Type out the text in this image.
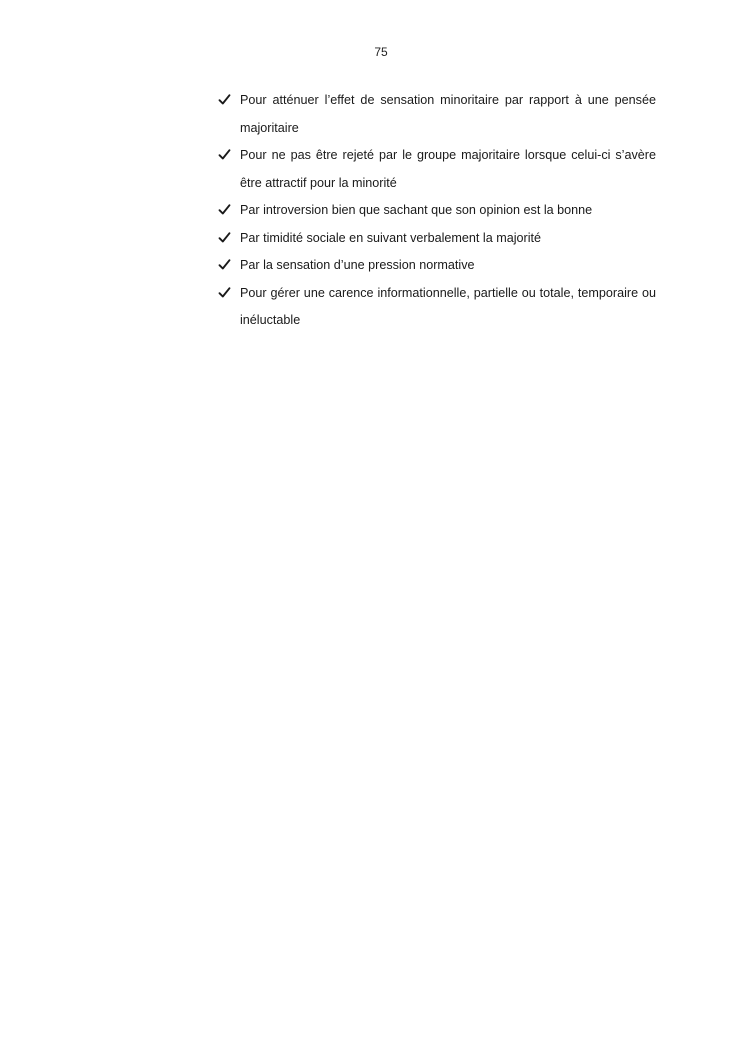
75
Pour atténuer l’effet de sensation minoritaire par rapport à une pensée majoritaire
Pour ne pas être rejeté par le groupe majoritaire lorsque celui-ci s’avère être attractif pour la minorité
Par introversion bien que sachant que son opinion est la bonne
Par timidité sociale en suivant verbalement la majorité
Par la sensation d’une pression normative
Pour gérer une carence informationnelle, partielle ou totale, temporaire ou inéluctable
